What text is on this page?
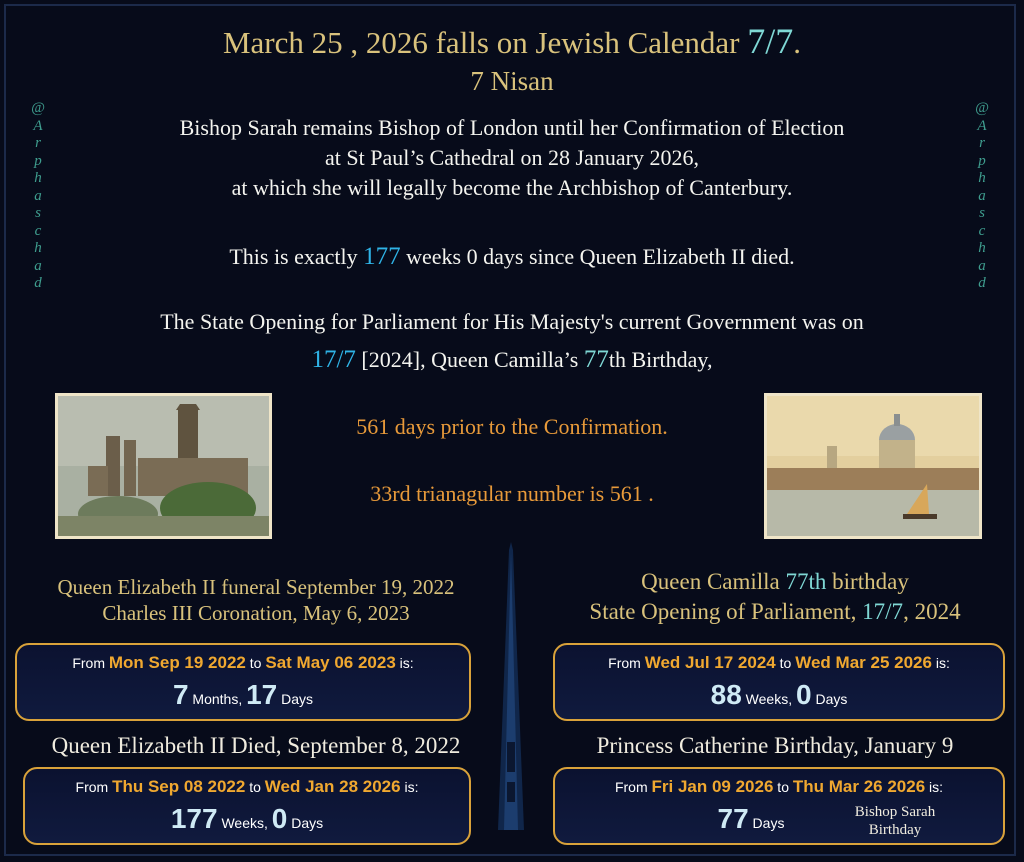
March 25 , 2026 falls on Jewish Calendar 7/7.
7 Nisan
@
A
r
p
h
a
s
c
h
a
d
@
A
r
p
h
a
s
c
h
a
d
Bishop Sarah remains Bishop of London until her Confirmation of Election
at St Paul’s Cathedral on 28 January 2026,
at which she will legally become the Archbishop of Canterbury.
This is exactly 177 weeks 0 days since Queen Elizabeth II died.
The State Opening for Parliament for His Majesty's current Government was on
17/7 [2024], Queen Camilla’s 77th Birthday,
561 days prior to the Confirmation.
33rd trianagular number is 561 .
Queen Elizabeth II funeral September 19, 2022
Charles III Coronation, May 6, 2023
Queen Elizabeth II Died, September 8, 2022
Queen Camilla 77th birthday
State Opening of Parliament, 17/7, 2024
Princess Catherine Birthday, January 9
From Mon Sep 19 2022 to Sat May 06 2023 is:
7 Months, 17 Days
From Thu Sep 08 2022 to Wed Jan 28 2026 is:
177 Weeks, 0 Days
From Wed Jul 17 2024 to Wed Mar 25 2026 is:
88 Weeks, 0 Days
From Fri Jan 09 2026 to Thu Mar 26 2026 is:
77 Days
Bishop Sarah
Birthday
